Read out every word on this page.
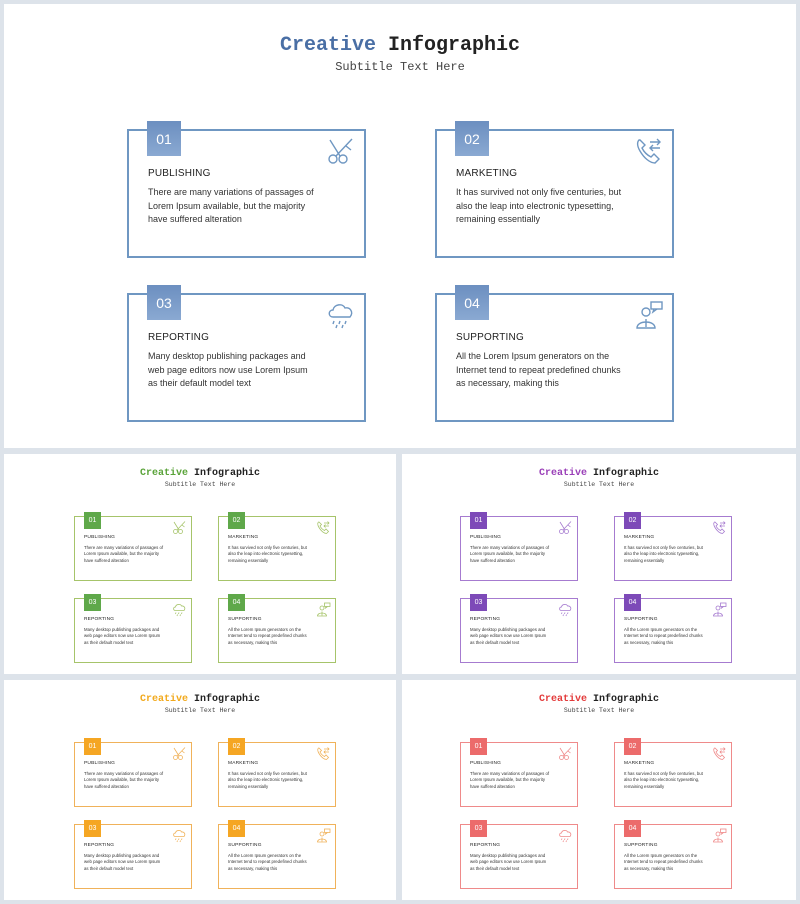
Creative Infographic
Subtitle Text Here
01
PUBLISHING
There are many variations of passages of Lorem Ipsum available, but the majority have suffered alteration
02
MARKETING
It has survived not only five centuries, but also the leap into electronic typesetting, remaining essentially
03
REPORTING
Many desktop publishing packages and web page editors now use Lorem Ipsum as their default model text
04
SUPPORTING
All the Lorem Ipsum generators on the Internet tend to repeat predefined chunks as necessary, making this
Creative Infographic
Subtitle Text Here
01
PUBLISHING
There are many variations of passages of Lorem Ipsum available, but the majority have suffered alteration
02
MARKETING
It has survived not only five centuries, but also the leap into electronic typesetting, remaining essentially
03
REPORTING
Many desktop publishing packages and web page editors now use Lorem Ipsum as their default model text
04
SUPPORTING
All the Lorem Ipsum generators on the Internet tend to repeat predefined chunks as necessary, making this
Creative Infographic
Subtitle Text Here
01
PUBLISHING
There are many variations of passages of Lorem Ipsum available, but the majority have suffered alteration
02
MARKETING
It has survived not only five centuries, but also the leap into electronic typesetting, remaining essentially
03
REPORTING
Many desktop publishing packages and web page editors now use Lorem Ipsum as their default model text
04
SUPPORTING
All the Lorem Ipsum generators on the Internet tend to repeat predefined chunks as necessary, making this
Creative Infographic
Subtitle Text Here
01
PUBLISHING
There are many variations of passages of Lorem Ipsum available, but the majority have suffered alteration
02
MARKETING
It has survived not only five centuries, but also the leap into electronic typesetting, remaining essentially
03
REPORTING
Many desktop publishing packages and web page editors now use Lorem Ipsum as their default model text
04
SUPPORTING
All the Lorem Ipsum generators on the Internet tend to repeat predefined chunks as necessary, making this
Creative Infographic
Subtitle Text Here
01
PUBLISHING
There are many variations of passages of Lorem Ipsum available, but the majority have suffered alteration
02
MARKETING
It has survived not only five centuries, but also the leap into electronic typesetting, remaining essentially
03
REPORTING
Many desktop publishing packages and web page editors now use Lorem Ipsum as their default model text
04
SUPPORTING
All the Lorem Ipsum generators on the Internet tend to repeat predefined chunks as necessary, making this
